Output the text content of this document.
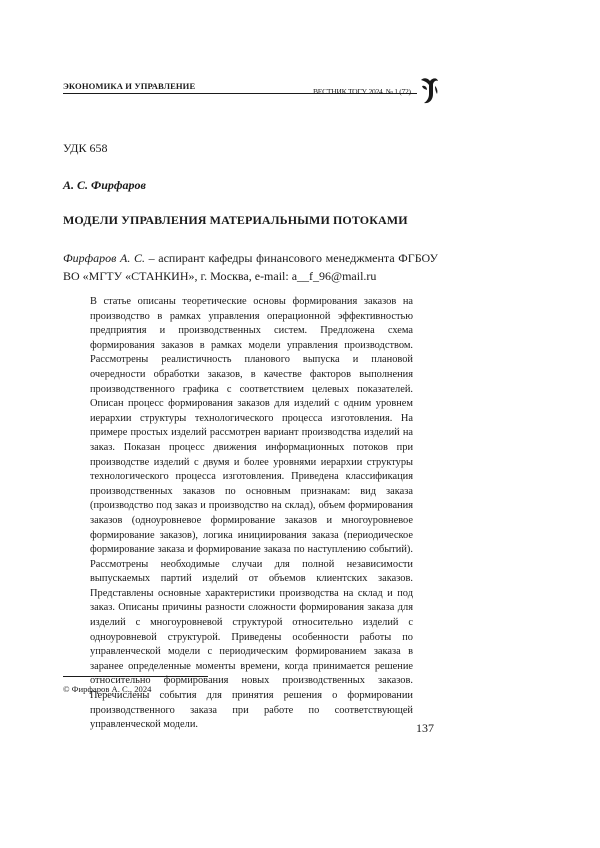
ЭКОНОМИКА И УПРАВЛЕНИЕ
ВЕСТНИК ТОГУ. 2024. № 1 (72)
УДК 658
А. С. Фирфаров
МОДЕЛИ УПРАВЛЕНИЯ МАТЕРИАЛЬНЫМИ ПОТОКАМИ
Фирфаров А. С. – аспирант кафедры финансового менеджмента ФГБОУ ВО «МГТУ «СТАНКИН», г. Москва, e-mail: a__f_96@mail.ru
В статье описаны теоретические основы формирования заказов на производство в рамках управления операционной эффективностью предприятия и производственных систем. Предложена схема формирования заказов в рамках модели управления производством. Рассмотрены реалистичность планового выпуска и плановой очередности обработки заказов, в качестве факторов выполнения производственного графика с соответствием целевых показателей. Описан процесс формирования заказов для изделий с одним уровнем иерархии структуры технологического процесса изготовления. На примере простых изделий рассмотрен вариант производства изделий на заказ. Показан процесс движения информационных потоков при производстве изделий с двумя и более уровнями иерархии структуры технологического процесса изготовления. Приведена классификация производственных заказов по основным признакам: вид заказа (производство под заказ и производство на склад), объем формирования заказов (одноуровневое формирование заказов и многоуровневое формирование заказов), логика инициирования заказа (периодическое формирование заказа и формирование заказа по наступлению событий). Рассмотрены необходимые случаи для полной независимости выпускаемых партий изделий от объемов клиентских заказов. Представлены основные характеристики производства на склад и под заказ. Описаны причины разности сложности формирования заказа для изделий с многоуровневой структурой относительно изделий с одноуровневой структурой. Приведены особенности работы по управленческой модели с периодическим формированием заказа в заранее определенные моменты времени, когда принимается решение относительно формирования новых производственных заказов. Перечислены события для принятия решения о формировании производственного заказа при работе по соответствующей управленческой модели.
© Фирфаров А. С., 2024
137
